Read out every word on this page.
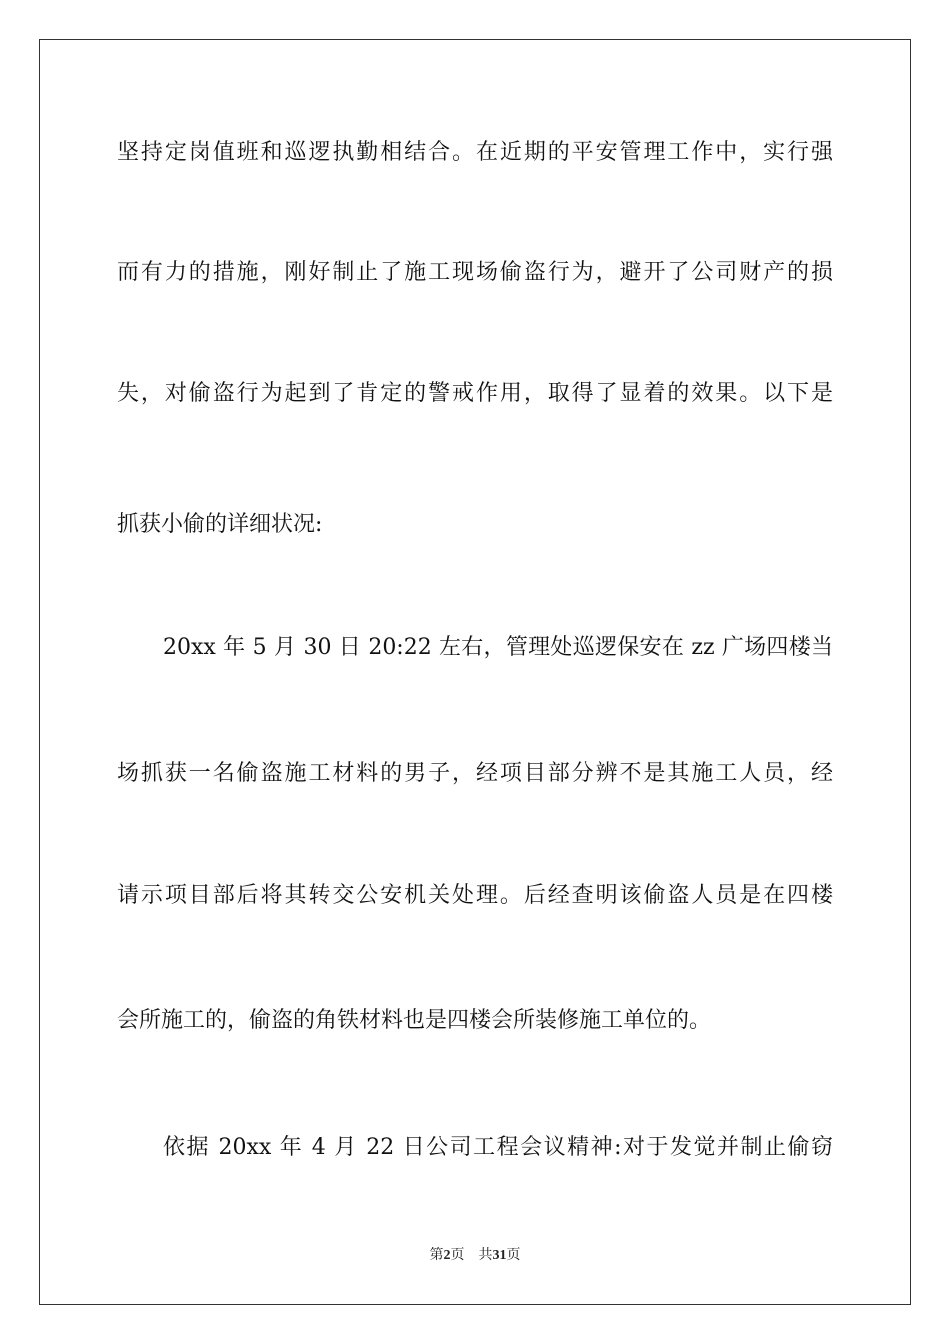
坚持定岗值班和巡逻执勤相结合。在近期的平安管理工作中，实行强
而有力的措施，刚好制止了施工现场偷盗行为，避开了公司财产的损
失，对偷盗行为起到了肯定的警戒作用，取得了显着的效果。以下是
抓获小偷的详细状况:
20xx 年 5 月 30 日 20:22 左右，管理处巡逻保安在 zz 广场四楼当
场抓获一名偷盗施工材料的男子，经项目部分辨不是其施工人员，经
请示项目部后将其转交公安机关处理。后经查明该偷盗人员是在四楼
会所施工的，偷盗的角铁材料也是四楼会所装修施工单位的。
依据 20xx 年 4 月 22 日公司工程会议精神:对于发觉并制止偷窃
第2页 共31页
